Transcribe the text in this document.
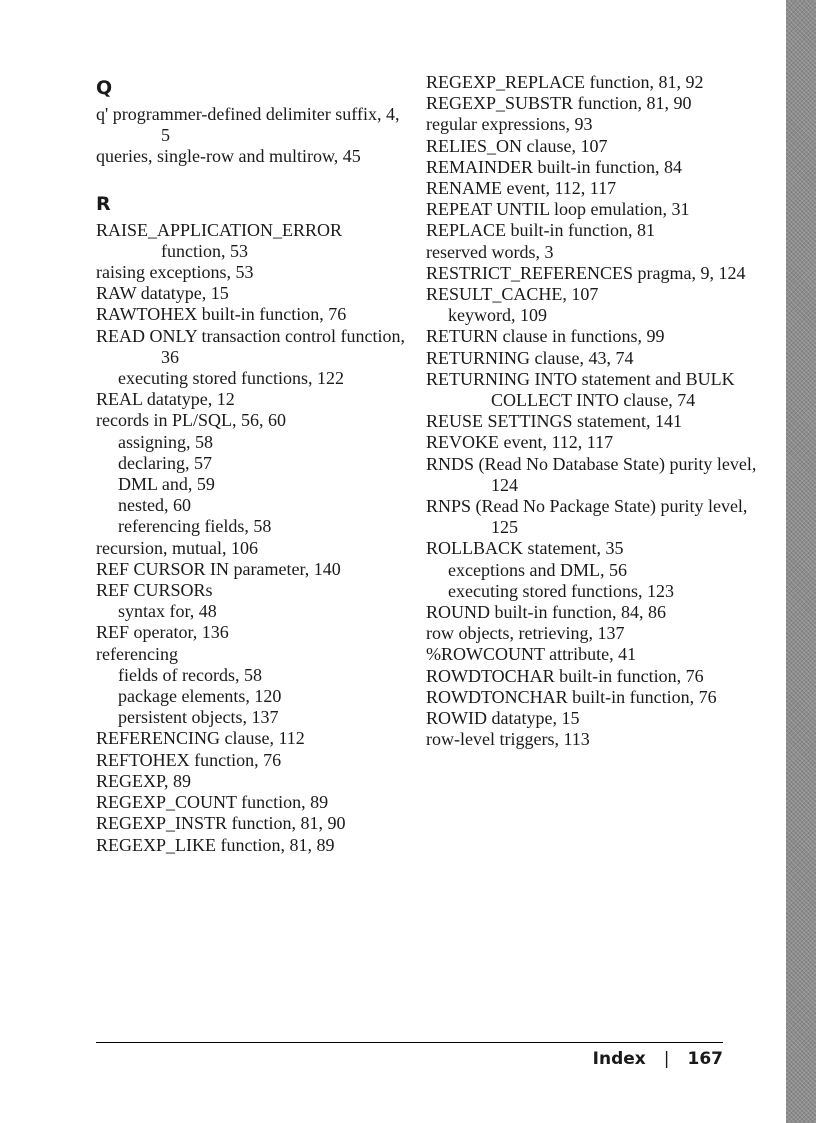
Q
q' programmer-defined delimiter suffix, 4, 5
queries, single-row and multirow, 45
R
RAISE_APPLICATION_ERROR function, 53
raising exceptions, 53
RAW datatype, 15
RAWTOHEX built-in function, 76
READ ONLY transaction control function, 36
executing stored functions, 122
REAL datatype, 12
records in PL/SQL, 56, 60
assigning, 58
declaring, 57
DML and, 59
nested, 60
referencing fields, 58
recursion, mutual, 106
REF CURSOR IN parameter, 140
REF CURSORs
syntax for, 48
REF operator, 136
referencing
fields of records, 58
package elements, 120
persistent objects, 137
REFERENCING clause, 112
REFTOHEX function, 76
REGEXP, 89
REGEXP_COUNT function, 89
REGEXP_INSTR function, 81, 90
REGEXP_LIKE function, 81, 89
REGEXP_REPLACE function, 81, 92
REGEXP_SUBSTR function, 81, 90
regular expressions, 93
RELIES_ON clause, 107
REMAINDER built-in function, 84
RENAME event, 112, 117
REPEAT UNTIL loop emulation, 31
REPLACE built-in function, 81
reserved words, 3
RESTRICT_REFERENCES pragma, 9, 124
RESULT_CACHE, 107
keyword, 109
RETURN clause in functions, 99
RETURNING clause, 43, 74
RETURNING INTO statement and BULK COLLECT INTO clause, 74
REUSE SETTINGS statement, 141
REVOKE event, 112, 117
RNDS (Read No Database State) purity level, 124
RNPS (Read No Package State) purity level, 125
ROLLBACK statement, 35
exceptions and DML, 56
executing stored functions, 123
ROUND built-in function, 84, 86
row objects, retrieving, 137
%ROWCOUNT attribute, 41
ROWDTOCHAR built-in function, 76
ROWDTONCHAR built-in function, 76
ROWID datatype, 15
row-level triggers, 113
Index | 167
